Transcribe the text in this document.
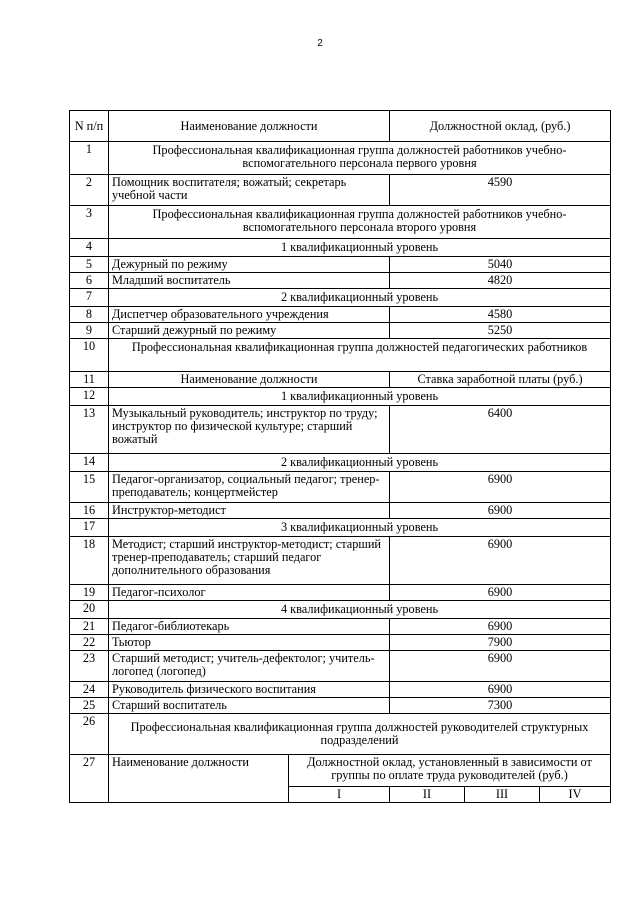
2
N п/п	Наименование должности		Должностной оклад, (руб.)		
1	Профессиональная квалификационная группа должностей работников учебно-вспомогательного персонала первого уровня				
2	Помощник воспитателя; вожатый; секретарь учебной части		4590		
3	Профессиональная квалификационная группа должностей работников учебно-вспомогательного персонала второго уровня				
4	1 квалификационный уровень				
5	Дежурный по режиму		5040		
6	Младший воспитатель		4820		
7	2 квалификационный уровень				
8	Диспетчер образовательного учреждения		4580		
9	Старший дежурный по режиму		5250		
10	Профессиональная квалификационная группа должностей педагогических работников				
11	Наименование должности		Ставка заработной платы (руб.)		
12	1 квалификационный уровень				
13	Музыкальный руководитель; инструктор по труду; инструктор по физической культуре; старший вожатый		6400		
14	2 квалификационный уровень				
15	Педагог-организатор, социальный педагог; тренер-преподаватель; концертмейстер		6900		
16	Инструктор-методист		6900		
17	3 квалификационный уровень				
18	Методист; старший инструктор-методист; старший тренер-преподаватель; старший педагог дополнительного образования		6900		
19	Педагог-психолог		6900		
20	4 квалификационный уровень				
21	Педагог-библиотекарь		6900		
22	Тьютор		7900		
23	Старший методист; учитель-дефектолог; учитель-логопед (логопед)		6900		
24	Руководитель физического воспитания		6900		
25	Старший воспитатель		7300		
26	Профессиональная квалификационная группа должностей руководителей структурных подразделений				
27	Наименование должности	Должностной оклад, установленный в зависимости от группы по оплате труда руководителей (руб.)			
		I	II	III	IV
